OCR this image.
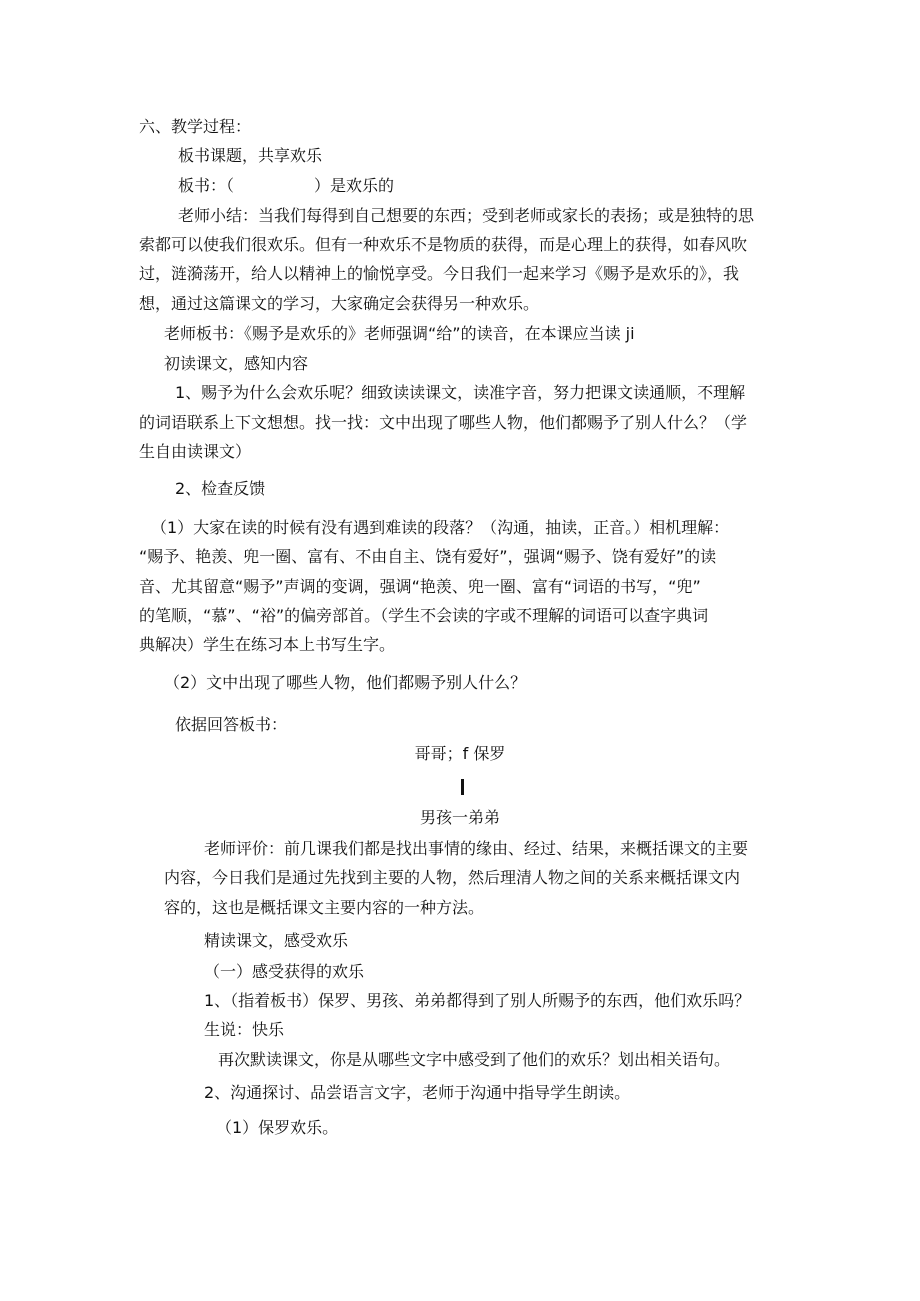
六、教学过程：
板书课题，共享欢乐
板书：（　　　　　）是欢乐的
老师小结：当我们每得到自己想要的东西；受到老师或家长的表扬；或是独特的思
索都可以使我们很欢乐。但有一种欢乐不是物质的获得，而是心理上的获得，如春风吹
过，涟漪荡开，给人以精神上的愉悦享受。今日我们一起来学习《赐予是欢乐的》，我
想，通过这篇课文的学习，大家确定会获得另一种欢乐。
老师板书：《赐予是欢乐的》老师强调“给”的读音，在本课应当读 ji
初读课文，感知内容
1、赐予为什么会欢乐呢？细致读读课文，读准字音，努力把课文读通顺，不理解
的词语联系上下文想想。找一找：文中出现了哪些人物，他们都赐予了别人什么？（学
生自由读课文）
2、检查反馈
（1）大家在读的时候有没有遇到难读的段落？（沟通，抽读，正音。）相机理解：
“赐予、艳羡、兜一圈、富有、不由自主、饶有爱好”，强调“赐予、饶有爱好”的读
音、尤其留意“赐予”声调的变调，强调“艳羡、兜一圈、富有“词语的书写，“兜”
的笔顺，“慕”、“裕”的偏旁部首。（学生不会读的字或不理解的词语可以查字典词
典解决）学生在练习本上书写生字。
（2）文中出现了哪些人物，他们都赐予别人什么？
依据回答板书：
哥哥；f 保罗
男孩一弟弟
老师评价：前几课我们都是找出事情的缘由、经过、结果，来概括课文的主要
内容，今日我们是通过先找到主要的人物，然后理清人物之间的关系来概括课文内
容的，这也是概括课文主要内容的一种方法。
精读课文，感受欢乐
（一）感受获得的欢乐
1、（指着板书）保罗、男孩、弟弟都得到了别人所赐予的东西，他们欢乐吗？
生说：快乐
再次默读课文，你是从哪些文字中感受到了他们的欢乐？划出相关语句。
2、沟通探讨、品尝语言文字，老师于沟通中指导学生朗读。
（1）保罗欢乐。
